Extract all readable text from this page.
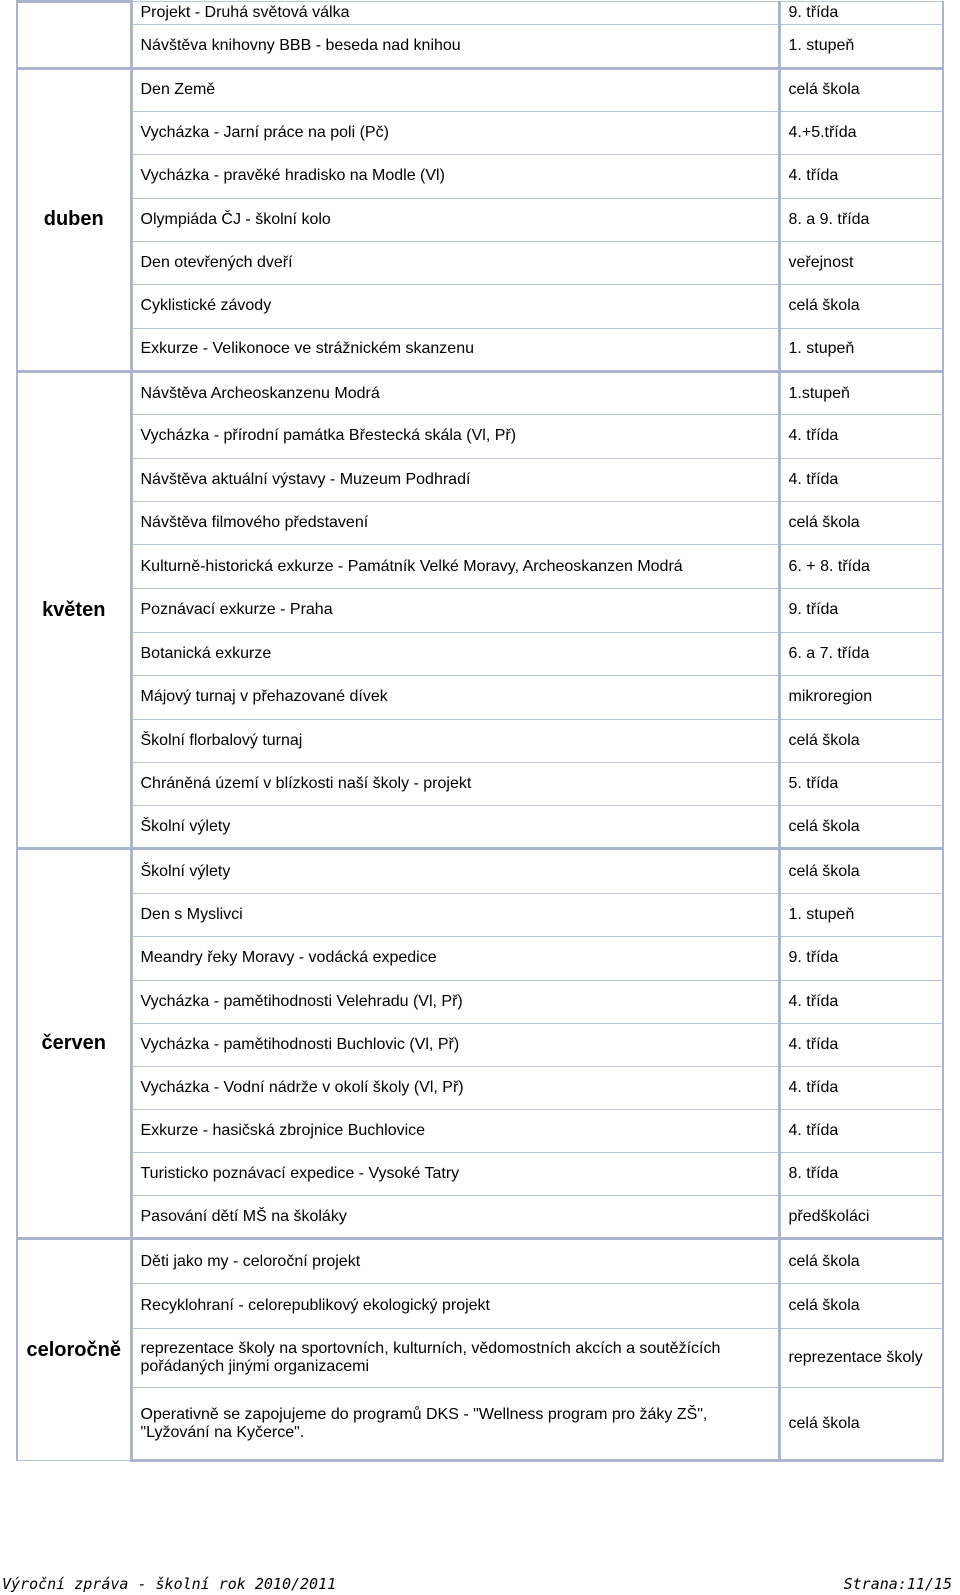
	Projekt - Druhá světová válka	9. třída
	Návštěva knihovny BBB - beseda nad knihou	1. stupeň
duben	Den Země	celá škola
	Vycházka - Jarní práce na poli (Pč)	4.+5.třída
	Vycházka - pravěké hradisko na Modle (Vl)	4. třída
	Olympiáda ČJ - školní kolo	8. a 9. třída
	Den otevřených dveří	veřejnost
	Cyklistické závody	celá škola
	Exkurze - Velikonoce ve strážnickém skanzenu	1. stupeň
květen	Návštěva Archeoskanzenu Modrá	1.stupeň
	Vycházka - přírodní památka Břestecká skála (Vl, Př)	4. třída
	Návštěva aktuální výstavy - Muzeum Podhradí	4. třída
	Návštěva filmového představení	celá škola
	Kulturně-historická exkurze - Památník Velké Moravy, Archeoskanzen Modrá	6. + 8. třída
	Poznávací exkurze - Praha	9. třída
	Botanická exkurze	6. a 7. třída
	Májový turnaj v přehazované dívek	mikroregion
	Školní florbalový turnaj	celá škola
	Chráněná území v blízkosti naší školy - projekt	5. třída
	Školní výlety	celá škola
červen	Školní výlety	celá škola
	Den s Myslivci	1. stupeň
	Meandry řeky Moravy - vodácká expedice	9. třída
	Vycházka - pamětihodnosti Velehradu (Vl, Př)	4. třída
	Vycházka - pamětihodnosti Buchlovic (Vl, Př)	4. třída
	Vycházka - Vodní nádrže v okolí školy (Vl, Př)	4. třída
	Exkurze - hasičská zbrojnice Buchlovice	4. třída
	Turisticko poznávací expedice - Vysoké Tatry	8. třída
	Pasování dětí MŠ na školáky	předškoláci
celoročně	Děti jako my - celoroční projekt	celá škola
	Recyklohraní - celorepublikový ekologický projekt	celá škola
	reprezentace školy na sportovních, kulturních, vědomostních akcích a soutěžících pořádaných jinými organizacemi	reprezentace školy
	Operativně se zapojujeme do programů DKS - "Wellness program pro žáky ZŠ", "Lyžování na Kyčerce".	celá škola
Výroční zpráva - školní rok 2010/2011	Strana:11/15
